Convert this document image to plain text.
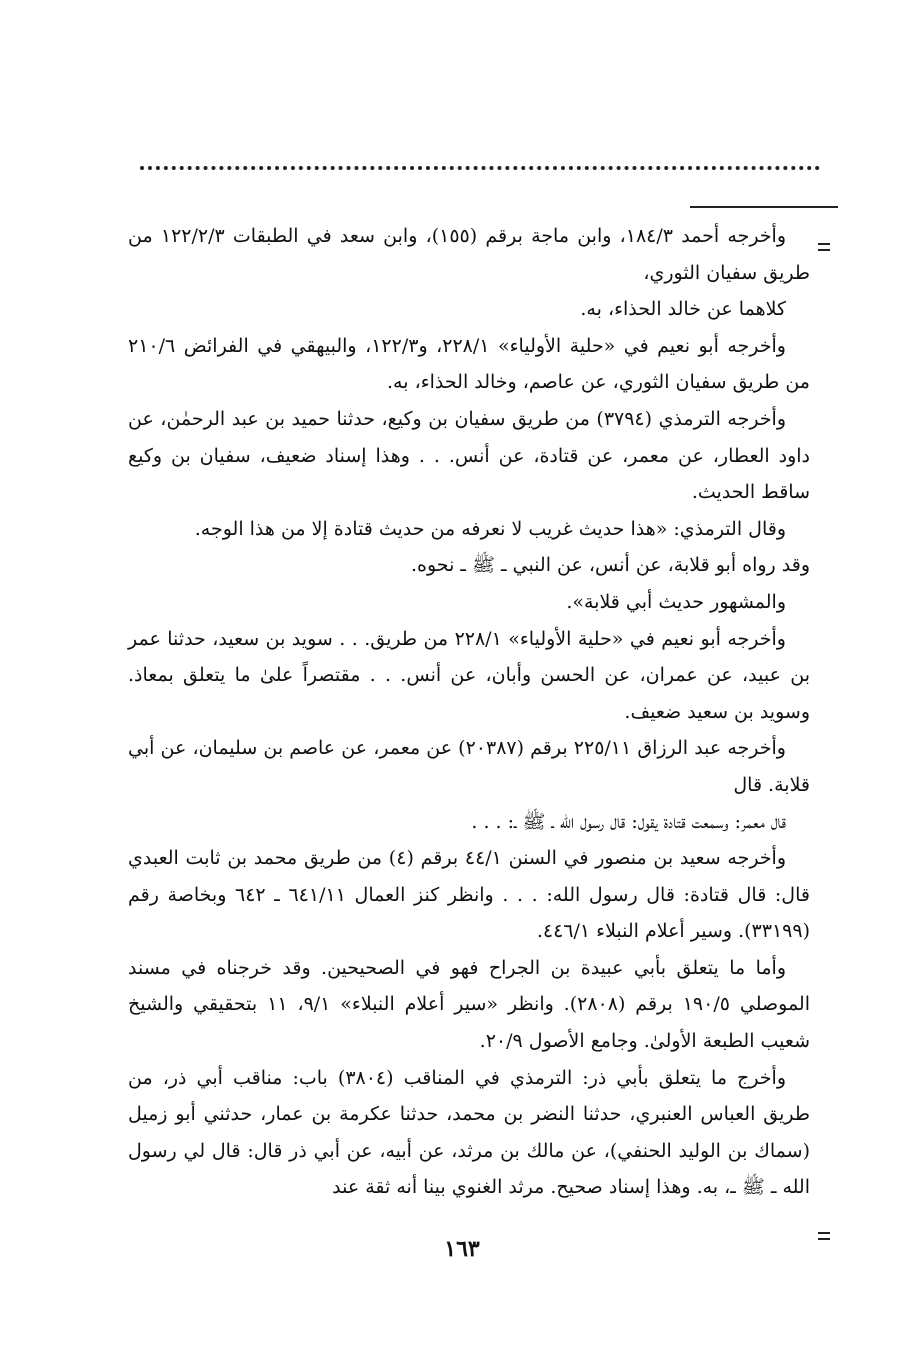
وأخرجه أحمد ١٨٤/٣، وابن ماجة برقم (١٥٥)، وابن سعد في الطبقات ١٢٢/٢/٣ من طريق سفيان الثوري،

كلاهما عن خالد الحذاء، به.

وأخرجه أبو نعيم في «حلية الأولياء» ٢٢٨/١، و١٢٢/٣، والبيهقي في الفرائض ٢١٠/٦ من طريق سفيان الثوري، عن عاصم، وخالد الحذاء، به.

وأخرجه الترمذي (٣٧٩٤) من طريق سفيان بن وكيع، حدثنا حميد بن عبد الرحمٰن، عن داود العطار، عن معمر، عن قتادة، عن أنس. . . وهذا إسناد ضعيف، سفيان بن وكيع ساقط الحديث.

وقال الترمذي: «هذا حديث غريب لا نعرفه من حديث قتادة إلا من هذا الوجه.

وقد رواه أبو قلابة، عن أنس، عن النبي ـ ﷺ ـ نحوه.

والمشهور حديث أبي قلابة».

وأخرجه أبو نعيم في «حلية الأولياء» ٢٢٨/١ من طريق. . . سويد بن سعيد، حدثنا عمر بن عبيد، عن عمران، عن الحسن وأبان، عن أنس. . . مقتصراً علىٰ ما يتعلق بمعاذ. وسويد بن سعيد ضعيف.

وأخرجه عبد الرزاق ٢٢٥/١١ برقم (٢٠٣٨٧) عن معمر، عن عاصم بن سليمان، عن أبي قلابة. قال

قال معمر: وسمعت قتادة يقول: قال رسول الله ـ ﷺ ـ: . . .

وأخرجه سعيد بن منصور في السنن ٤٤/١ برقم (٤) من طريق محمد بن ثابت العبدي قال: قال قتادة: قال رسول الله: . . . وانظر كنز العمال ٦٤١/١١ ـ ٦٤٢ وبخاصة رقم (٣٣١٩٩). وسير أعلام النبلاء ٤٤٦/١.

وأما ما يتعلق بأبي عبيدة بن الجراح فهو في الصحيحين. وقد خرجناه في مسند الموصلي ١٩٠/٥ برقم (٢٨٠٨). وانظر «سير أعلام النبلاء» ٩/١، ١١ بتحقيقي والشيخ شعيب الطبعة الأولىٰ. وجامع الأصول ٢٠/٩.

وأخرج ما يتعلق بأبي ذر: الترمذي في المناقب (٣٨٠٤) باب: مناقب أبي ذر، من طريق العباس العنبري، حدثنا النضر بن محمد، حدثنا عكرمة بن عمار، حدثني أبو زميل (سماك بن الوليد الحنفي)، عن مالك بن مرثد، عن أبيه، عن أبي ذر قال: قال لي رسول الله ـ ﷺ ـ، به. وهذا إسناد صحيح. مرثد الغنوي بينا أنه ثقة عند

١٦٣
